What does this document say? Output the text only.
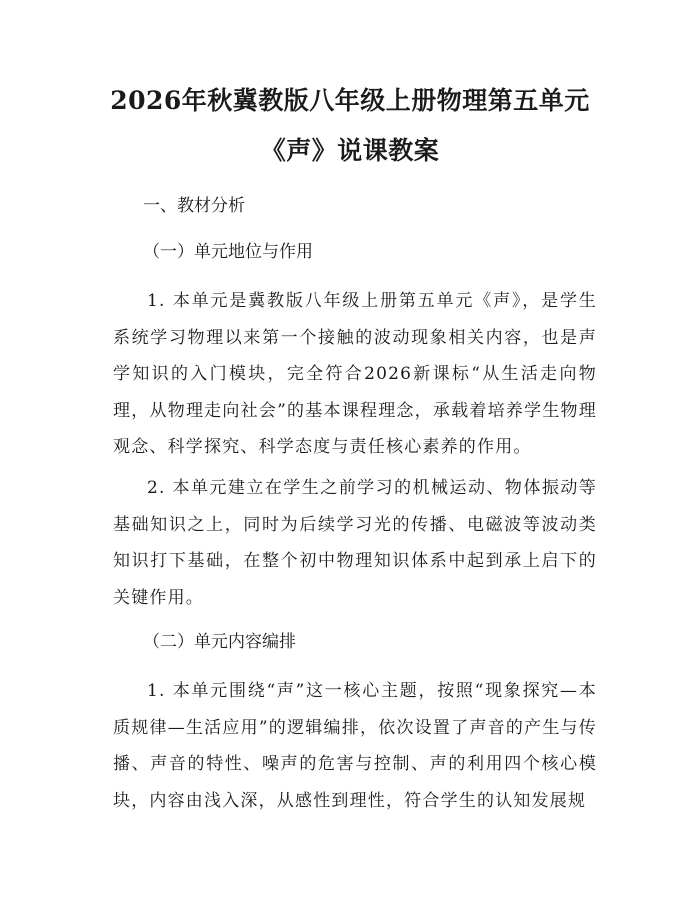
2026年秋冀教版八年级上册物理第五单元
《声》说课教案
一、教材分析
（一）单元地位与作用
1. 本单元是冀教版八年级上册第五单元《声》，是学生系统学习物理以来第一个接触的波动现象相关内容，也是声学知识的入门模块，完全符合2026新课标“从生活走向物理，从物理走向社会”的基本课程理念，承载着培养学生物理观念、科学探究、科学态度与责任核心素养的作用。
2. 本单元建立在学生之前学习的机械运动、物体振动等基础知识之上，同时为后续学习光的传播、电磁波等波动类知识打下基础，在整个初中物理知识体系中起到承上启下的关键作用。
（二）单元内容编排
1. 本单元围绕“声”这一核心主题，按照“现象探究—本质规律—生活应用”的逻辑编排，依次设置了声音的产生与传播、声音的特性、噪声的危害与控制、声的利用四个核心模块，内容由浅入深，从感性到理性，符合学生的认知发展规
